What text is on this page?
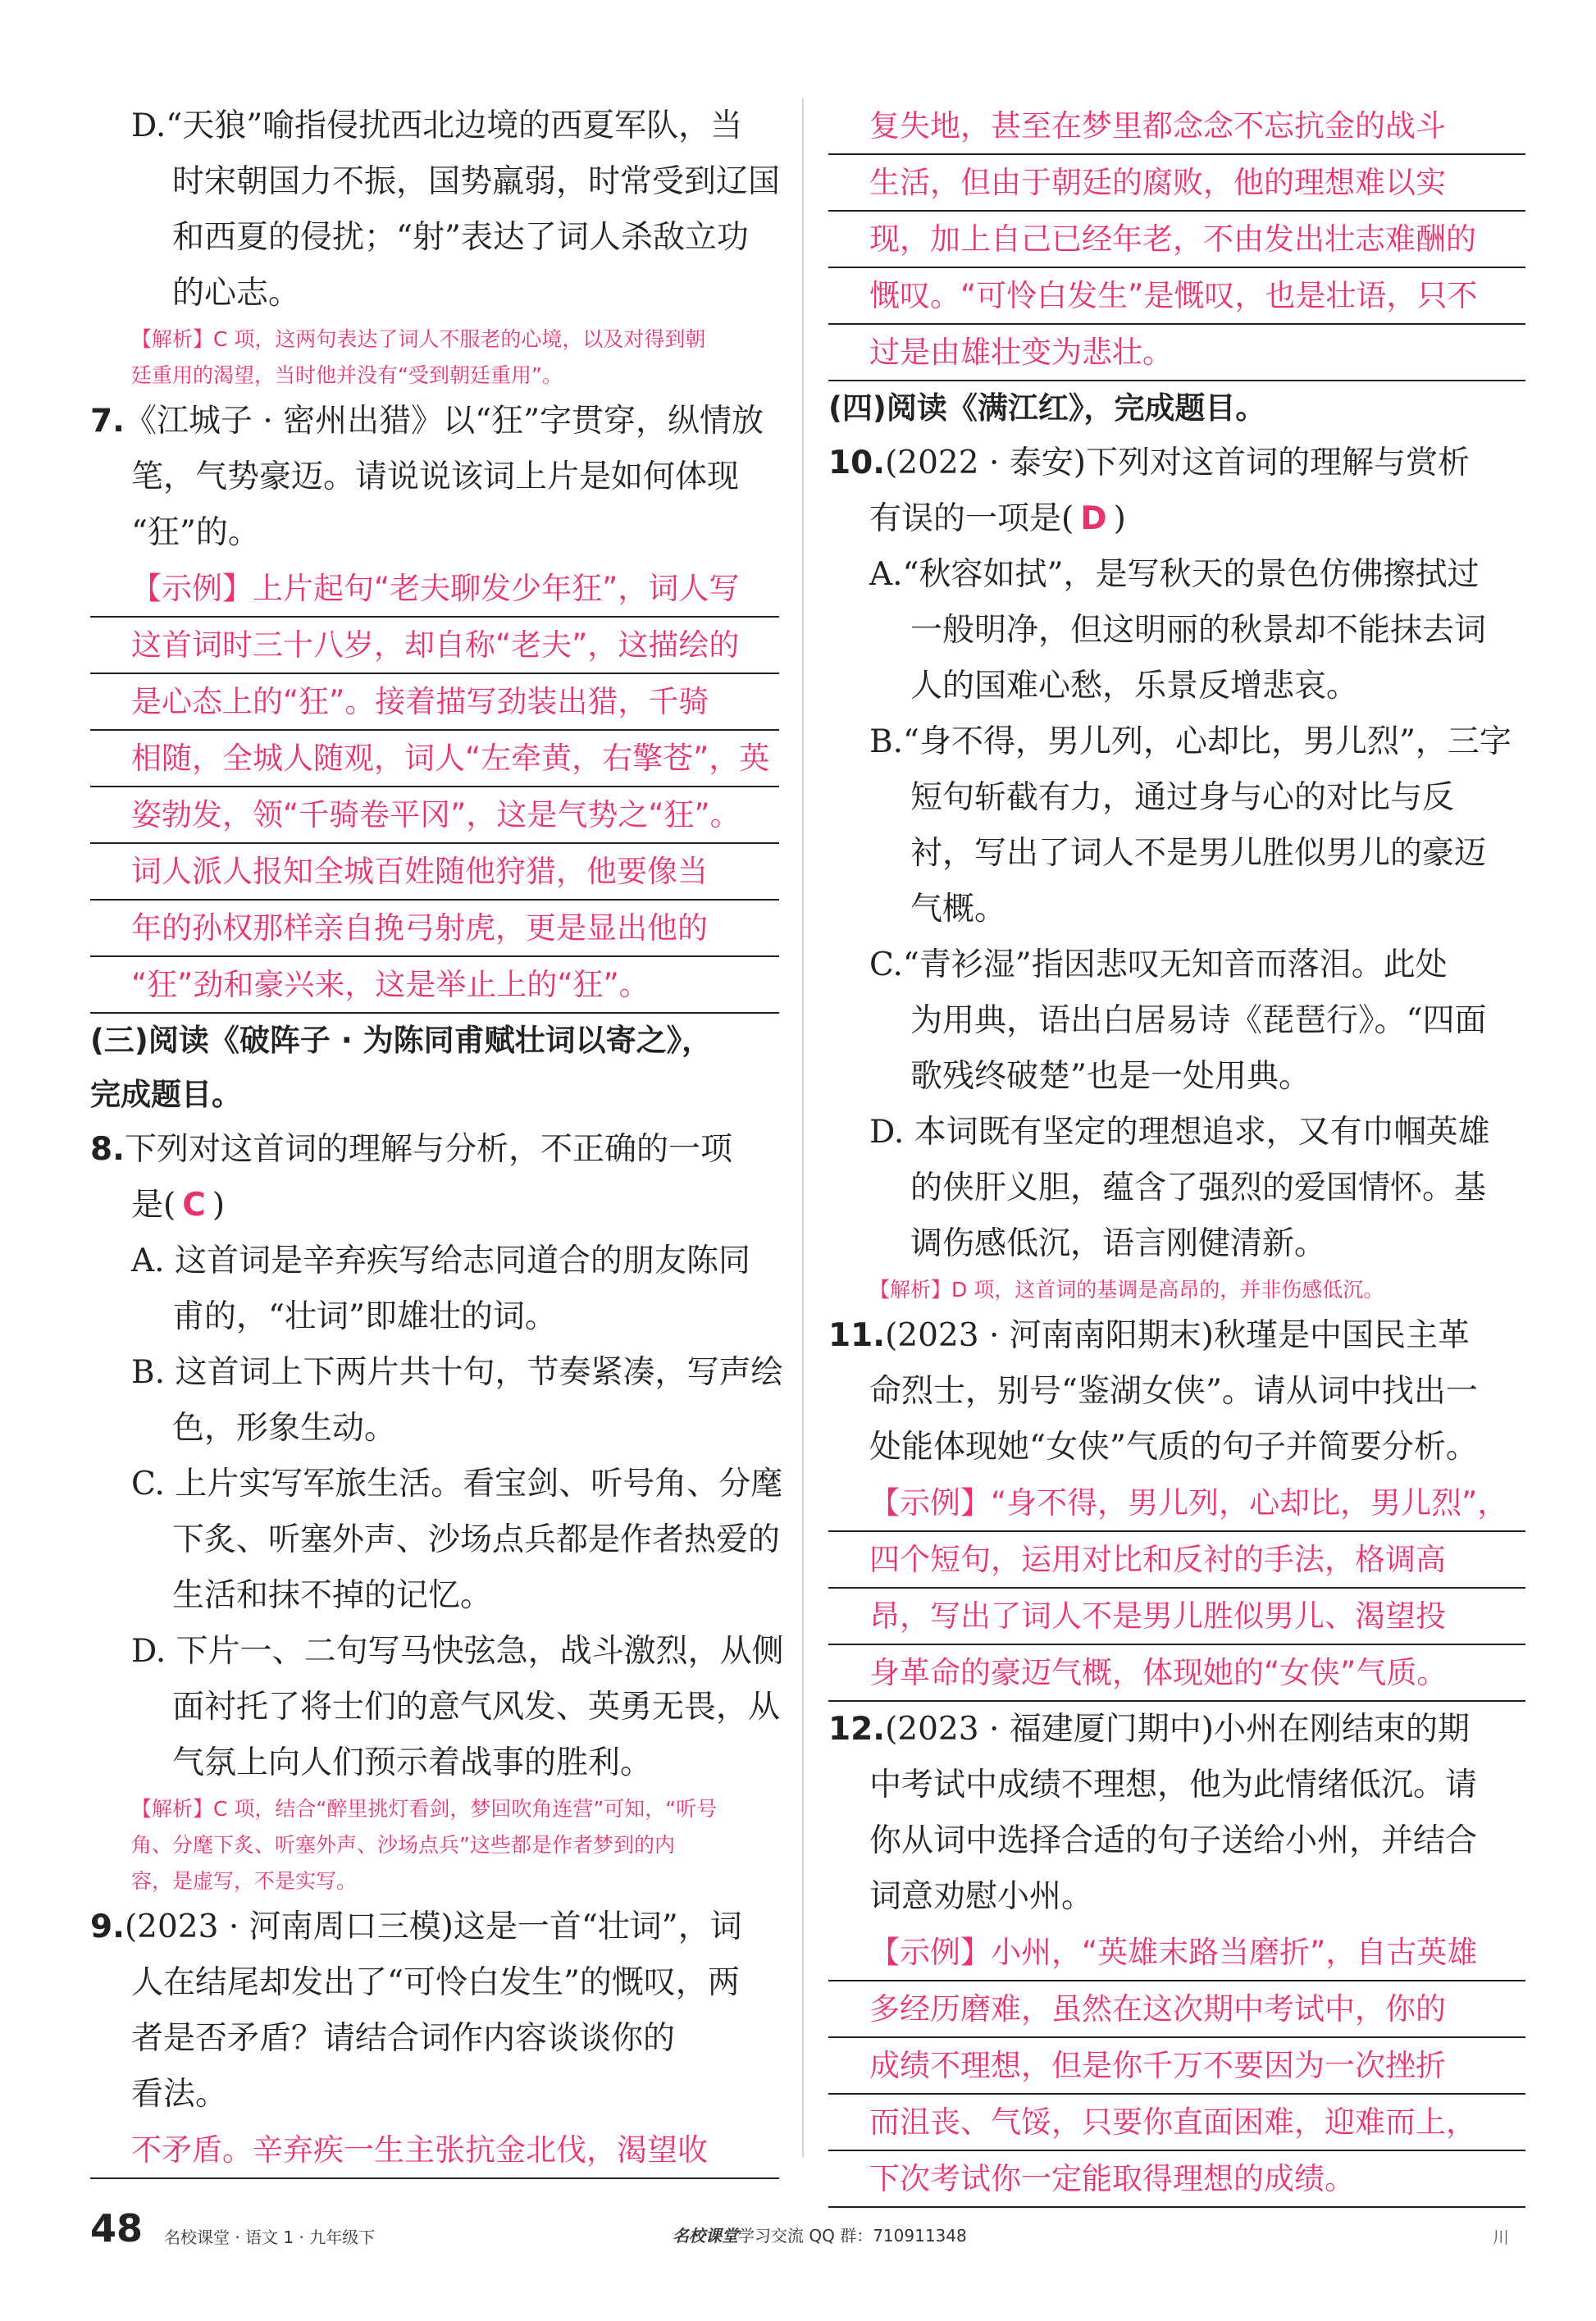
D.“天狼”喻指侵扰西北边境的西夏军队，当
时宋朝国力不振，国势羸弱，时常受到辽国
和西夏的侵扰；“射”表达了词人杀敌立功
的心志。
【解析】C 项，这两句表达了词人不服老的心境，以及对得到朝
廷重用的渴望，当时他并没有“受到朝廷重用”。
7.《江城子 · 密州出猎》以“狂”字贯穿，纵情放
笔，气势豪迈。请说说该词上片是如何体现
“狂”的。
【示例】上片起句“老夫聊发少年狂”，词人写
这首词时三十八岁，却自称“老夫”，这描绘的
是心态上的“狂”。接着描写劲装出猎，千骑
相随，全城人随观，词人“左牵黄，右擎苍”，英
姿勃发，领“千骑卷平冈”，这是气势之“狂”。
词人派人报知全城百姓随他狩猎，他要像当
年的孙权那样亲自挽弓射虎，更是显出他的
“狂”劲和豪兴来，这是举止上的“狂”。
(三)阅读《破阵子 · 为陈同甫赋壮词以寄之》，
完成题目。
8.下列对这首词的理解与分析，不正确的一项
是( C )
A. 这首词是辛弃疾写给志同道合的朋友陈同
甫的，“壮词”即雄壮的词。
B. 这首词上下两片共十句，节奏紧凑，写声绘
色，形象生动。
C. 上片实写军旅生活。看宝剑、听号角、分麾
下炙、听塞外声、沙场点兵都是作者热爱的
生活和抹不掉的记忆。
D. 下片一、二句写马快弦急，战斗激烈，从侧
面衬托了将士们的意气风发、英勇无畏，从
气氛上向人们预示着战事的胜利。
【解析】C 项，结合“醉里挑灯看剑，梦回吹角连营”可知，“听号
角、分麾下炙、听塞外声、沙场点兵”这些都是作者梦到的内
容，是虚写，不是实写。
9.(2023 · 河南周口三模)这是一首“壮词”，词
人在结尾却发出了“可怜白发生”的慨叹，两
者是否矛盾？请结合词作内容谈谈你的
看法。
不矛盾。辛弃疾一生主张抗金北伐，渴望收
复失地，甚至在梦里都念念不忘抗金的战斗
生活，但由于朝廷的腐败，他的理想难以实
现，加上自己已经年老，不由发出壮志难酬的
慨叹。“可怜白发生”是慨叹，也是壮语，只不
过是由雄壮变为悲壮。
(四)阅读《满江红》，完成题目。
10.(2022 · 泰安)下列对这首词的理解与赏析
有误的一项是( D )
A.“秋容如拭”，是写秋天的景色仿佛擦拭过
一般明净，但这明丽的秋景却不能抹去词
人的国难心愁，乐景反增悲哀。
B.“身不得，男儿列，心却比，男儿烈”，三字
短句斩截有力，通过身与心的对比与反
衬，写出了词人不是男儿胜似男儿的豪迈
气概。
C.“青衫湿”指因悲叹无知音而落泪。此处
为用典，语出白居易诗《琵琶行》。“四面
歌残终破楚”也是一处用典。
D. 本词既有坚定的理想追求，又有巾帼英雄
的侠肝义胆，蕴含了强烈的爱国情怀。基
调伤感低沉，语言刚健清新。
【解析】D 项，这首词的基调是高昂的，并非伤感低沉。
11.(2023 · 河南南阳期末)秋瑾是中国民主革
命烈士，别号“鉴湖女侠”。请从词中找出一
处能体现她“女侠”气质的句子并简要分析。
【示例】“身不得，男儿列，心却比，男儿烈”，
四个短句，运用对比和反衬的手法，格调高
昂，写出了词人不是男儿胜似男儿、渴望投
身革命的豪迈气概，体现她的“女侠”气质。
12.(2023 · 福建厦门期中)小州在刚结束的期
中考试中成绩不理想，他为此情绪低沉。请
你从词中选择合适的句子送给小州，并结合
词意劝慰小州。
【示例】小州，“英雄末路当磨折”，自古英雄
多经历磨难，虽然在这次期中考试中，你的
成绩不理想，但是你千万不要因为一次挫折
而沮丧、气馁，只要你直面困难，迎难而上，
下次考试你一定能取得理想的成绩。
48 名校课堂 · 语文 1 · 九年级下	名校课堂学习交流 QQ 群：710911348	川
